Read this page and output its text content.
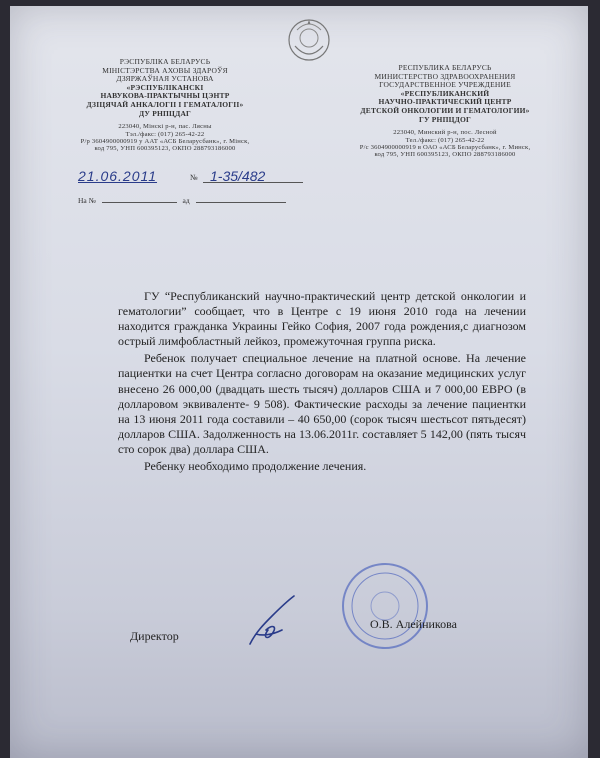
РЭСПУБЛІКА БЕЛАРУСЬ
МІНІСТЭРСТВА АХОВЫ ЗДАРОЎЯ
ДЗЯРЖАЎНАЯ УСТАНОВА
«РЭСПУБЛІКАНСКІ
НАВУКОВА-ПРАКТЫЧНЫ ЦЭНТР
ДЗІЦЯЧАЙ АНКАЛОГІІ І ГЕМАТАЛОГІІ»
ДУ РНПЦДАГ
223040, Мінскі р-н, пас. Лясны
Тэл./факс: (017) 265-42-22
Р/р 3604900000919 у ААТ «АСБ Беларусбанк», г. Мінск,
код 795, УНП 600395123, ОКПО 288793186000
РЕСПУБЛИКА БЕЛАРУСЬ
МИНИСТЕРСТВО ЗДРАВООХРАНЕНИЯ
ГОСУДАРСТВЕННОЕ УЧРЕЖДЕНИЕ
«РЕСПУБЛИКАНСКИЙ
НАУЧНО-ПРАКТИЧЕСКИЙ ЦЕНТР
ДЕТСКОЙ ОНКОЛОГИИ И ГЕМАТОЛОГИИ»
ГУ РНПЦДОГ
223040, Минский р-н, пос. Лесной
Тел./факс: (017) 265-42-22
Р/с 3604900000919 в ОАО «АСБ Беларусбанк», г. Минск,
код 795, УНП 600395123, ОКПО 288793186000
21.06.2011	№ 1-35/482
На №	ад

ГУ “Республиканский научно-практический центр детской онкологии и гематологии” сообщает, что в Центре с 19 июня 2010 года на лечении находится гражданка Украины Гейко София, 2007 года рождения,с диагнозом острый лимфобластный лейкоз, промежуточная группа риска.

Ребенок получает специальное лечение на платной основе. На лечение пациентки на счет Центра согласно договорам на оказание медицинских услуг внесено 26 000,00 (двадцать шесть тысяч) долларов США и 7 000,00 ЕВРО (в долларовом эквиваленте- 9 508). Фактические расходы за лечение пациентки на 13 июня 2011 года составили – 40 650,00 (сорок тысяч шестьсот пятьдесят) долларов США. Задолженность на 13.06.2011г. составляет 5 142,00 (пять тысяч сто сорок два) доллара США.

Ребенку необходимо продолжение лечения.

Директор
О.В. Алейникова
